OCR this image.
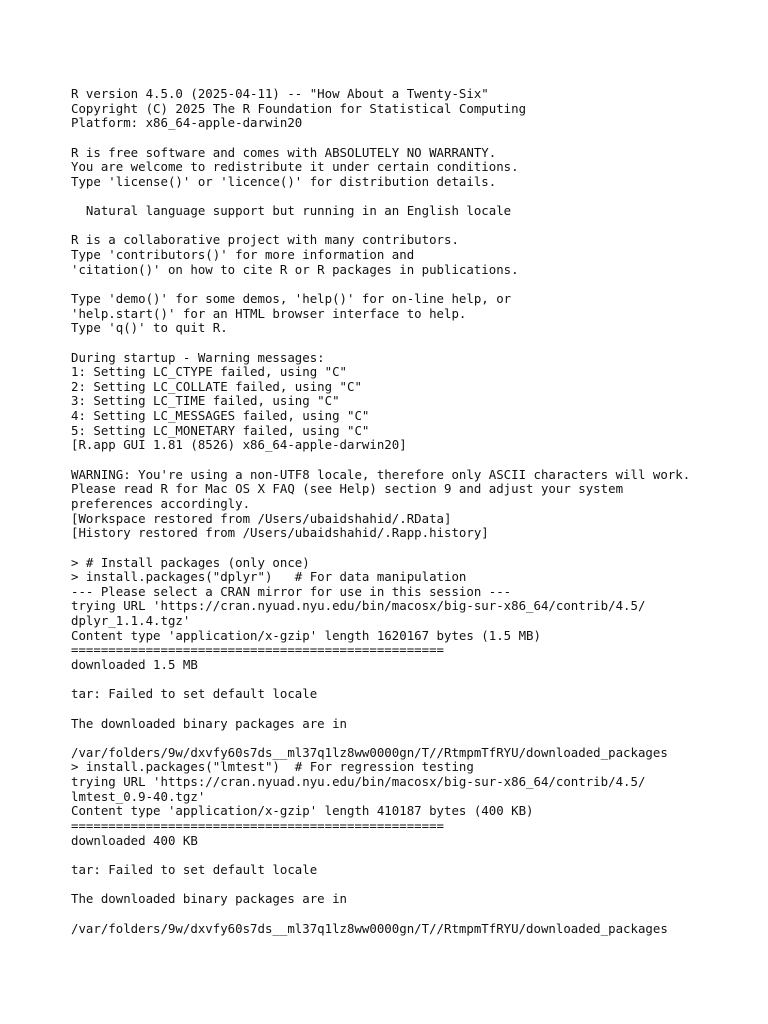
R version 4.5.0 (2025-04-11) -- "How About a Twenty-Six"
Copyright (C) 2025 The R Foundation for Statistical Computing
Platform: x86_64-apple-darwin20
R is free software and comes with ABSOLUTELY NO WARRANTY.
You are welcome to redistribute it under certain conditions.
Type 'license()' or 'licence()' for distribution details.
Natural language support but running in an English locale
R is a collaborative project with many contributors.
Type 'contributors()' for more information and
'citation()' on how to cite R or R packages in publications.
Type 'demo()' for some demos, 'help()' for on-line help, or
'help.start()' for an HTML browser interface to help.
Type 'q()' to quit R.
During startup - Warning messages:
1: Setting LC_CTYPE failed, using "C"
2: Setting LC_COLLATE failed, using "C"
3: Setting LC_TIME failed, using "C"
4: Setting LC_MESSAGES failed, using "C"
5: Setting LC_MONETARY failed, using "C"
[R.app GUI 1.81 (8526) x86_64-apple-darwin20]
WARNING: You're using a non-UTF8 locale, therefore only ASCII characters will work.
Please read R for Mac OS X FAQ (see Help) section 9 and adjust your system
preferences accordingly.
[Workspace restored from /Users/ubaidshahid/.RData]
[History restored from /Users/ubaidshahid/.Rapp.history]
> # Install packages (only once)
> install.packages("dplyr")   # For data manipulation
--- Please select a CRAN mirror for use in this session ---
trying URL 'https://cran.nyuad.nyu.edu/bin/macosx/big-sur-x86_64/contrib/4.5/
dplyr_1.1.4.tgz'
Content type 'application/x-gzip' length 1620167 bytes (1.5 MB)
==================================================
downloaded 1.5 MB
tar: Failed to set default locale
The downloaded binary packages are in
/var/folders/9w/dxvfy60s7ds__ml37q1lz8ww0000gn/T//RtmpmTfRYU/downloaded_packages
> install.packages("lmtest")  # For regression testing
trying URL 'https://cran.nyuad.nyu.edu/bin/macosx/big-sur-x86_64/contrib/4.5/
lmtest_0.9-40.tgz'
Content type 'application/x-gzip' length 410187 bytes (400 KB)
==================================================
downloaded 400 KB
tar: Failed to set default locale
The downloaded binary packages are in
/var/folders/9w/dxvfy60s7ds__ml37q1lz8ww0000gn/T//RtmpmTfRYU/downloaded_packages
